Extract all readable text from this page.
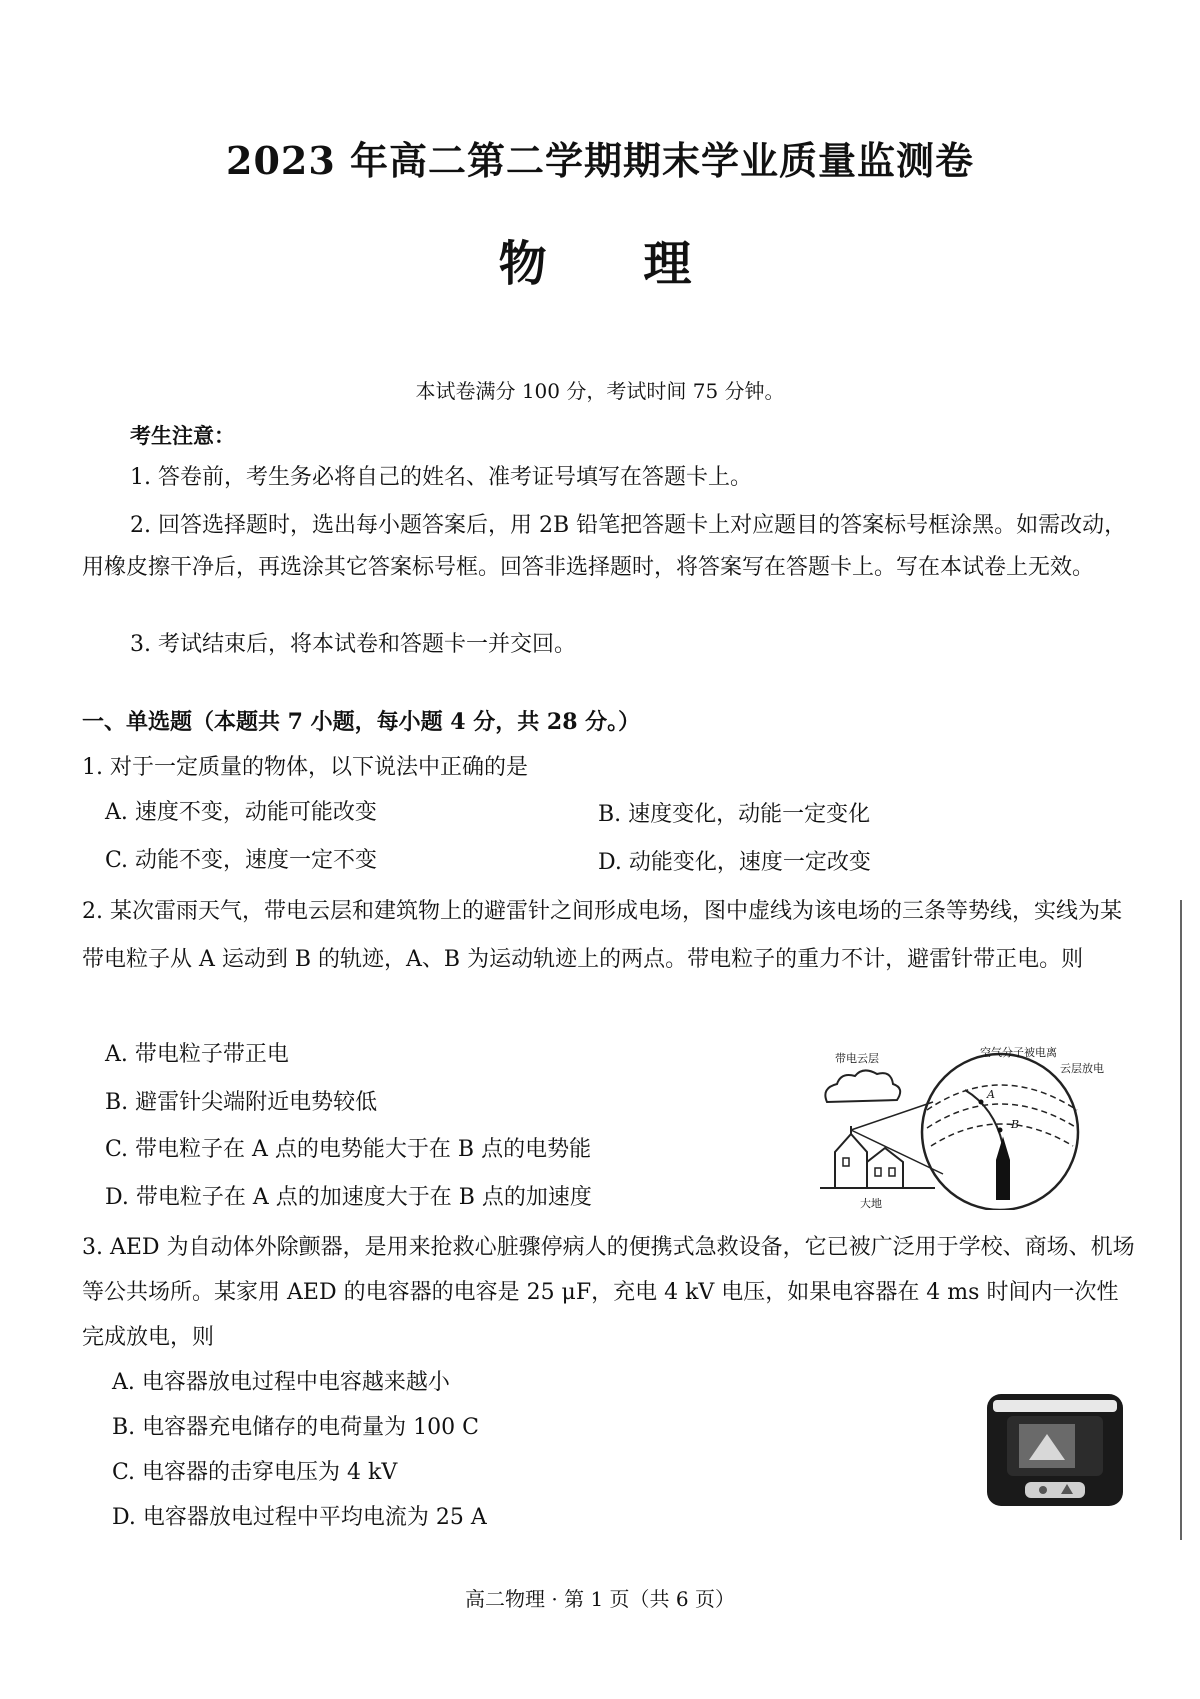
2023 年高二第二学期期末学业质量监测卷
物 理
本试卷满分 100 分，考试时间 75 分钟。
考生注意：
1. 答卷前，考生务必将自己的姓名、准考证号填写在答题卡上。
2. 回答选择题时，选出每小题答案后，用 2B 铅笔把答题卡上对应题目的答案标号框涂黑。如需改动，用橡皮擦干净后，再选涂其它答案标号框。回答非选择题时，将答案写在答题卡上。写在本试卷上无效。
3. 考试结束后，将本试卷和答题卡一并交回。
一、单选题（本题共 7 小题，每小题 4 分，共 28 分。）
1. 对于一定质量的物体，以下说法中正确的是
A. 速度不变，动能可能改变	B. 速度变化，动能一定变化
C. 动能不变，速度一定不变	D. 动能变化，速度一定改变
2. 某次雷雨天气，带电云层和建筑物上的避雷针之间形成电场，图中虚线为该电场的三条等势线，实线为某带电粒子从 A 运动到 B 的轨迹，A、B 为运动轨迹上的两点。带电粒子的重力不计，避雷针带正电。则
A. 带电粒子带正电
B. 避雷针尖端附近电势较低
C. 带电粒子在 A 点的电势能大于在 B 点的电势能
D. 带电粒子在 A 点的加速度大于在 B 点的加速度
带电云层	空气分子被电离
云层放电
大地
A
B
3. AED 为自动体外除颤器，是用来抢救心脏骤停病人的便携式急救设备，它已被广泛用于学校、商场、机场等公共场所。某家用 AED 的电容器的电容是 25 μF，充电 4 kV 电压，如果电容器在 4 ms 时间内一次性完成放电，则
A. 电容器放电过程中电容越来越小
B. 电容器充电储存的电荷量为 100 C
C. 电容器的击穿电压为 4 kV
D. 电容器放电过程中平均电流为 25 A
高二物理 · 第 1 页（共 6 页）
